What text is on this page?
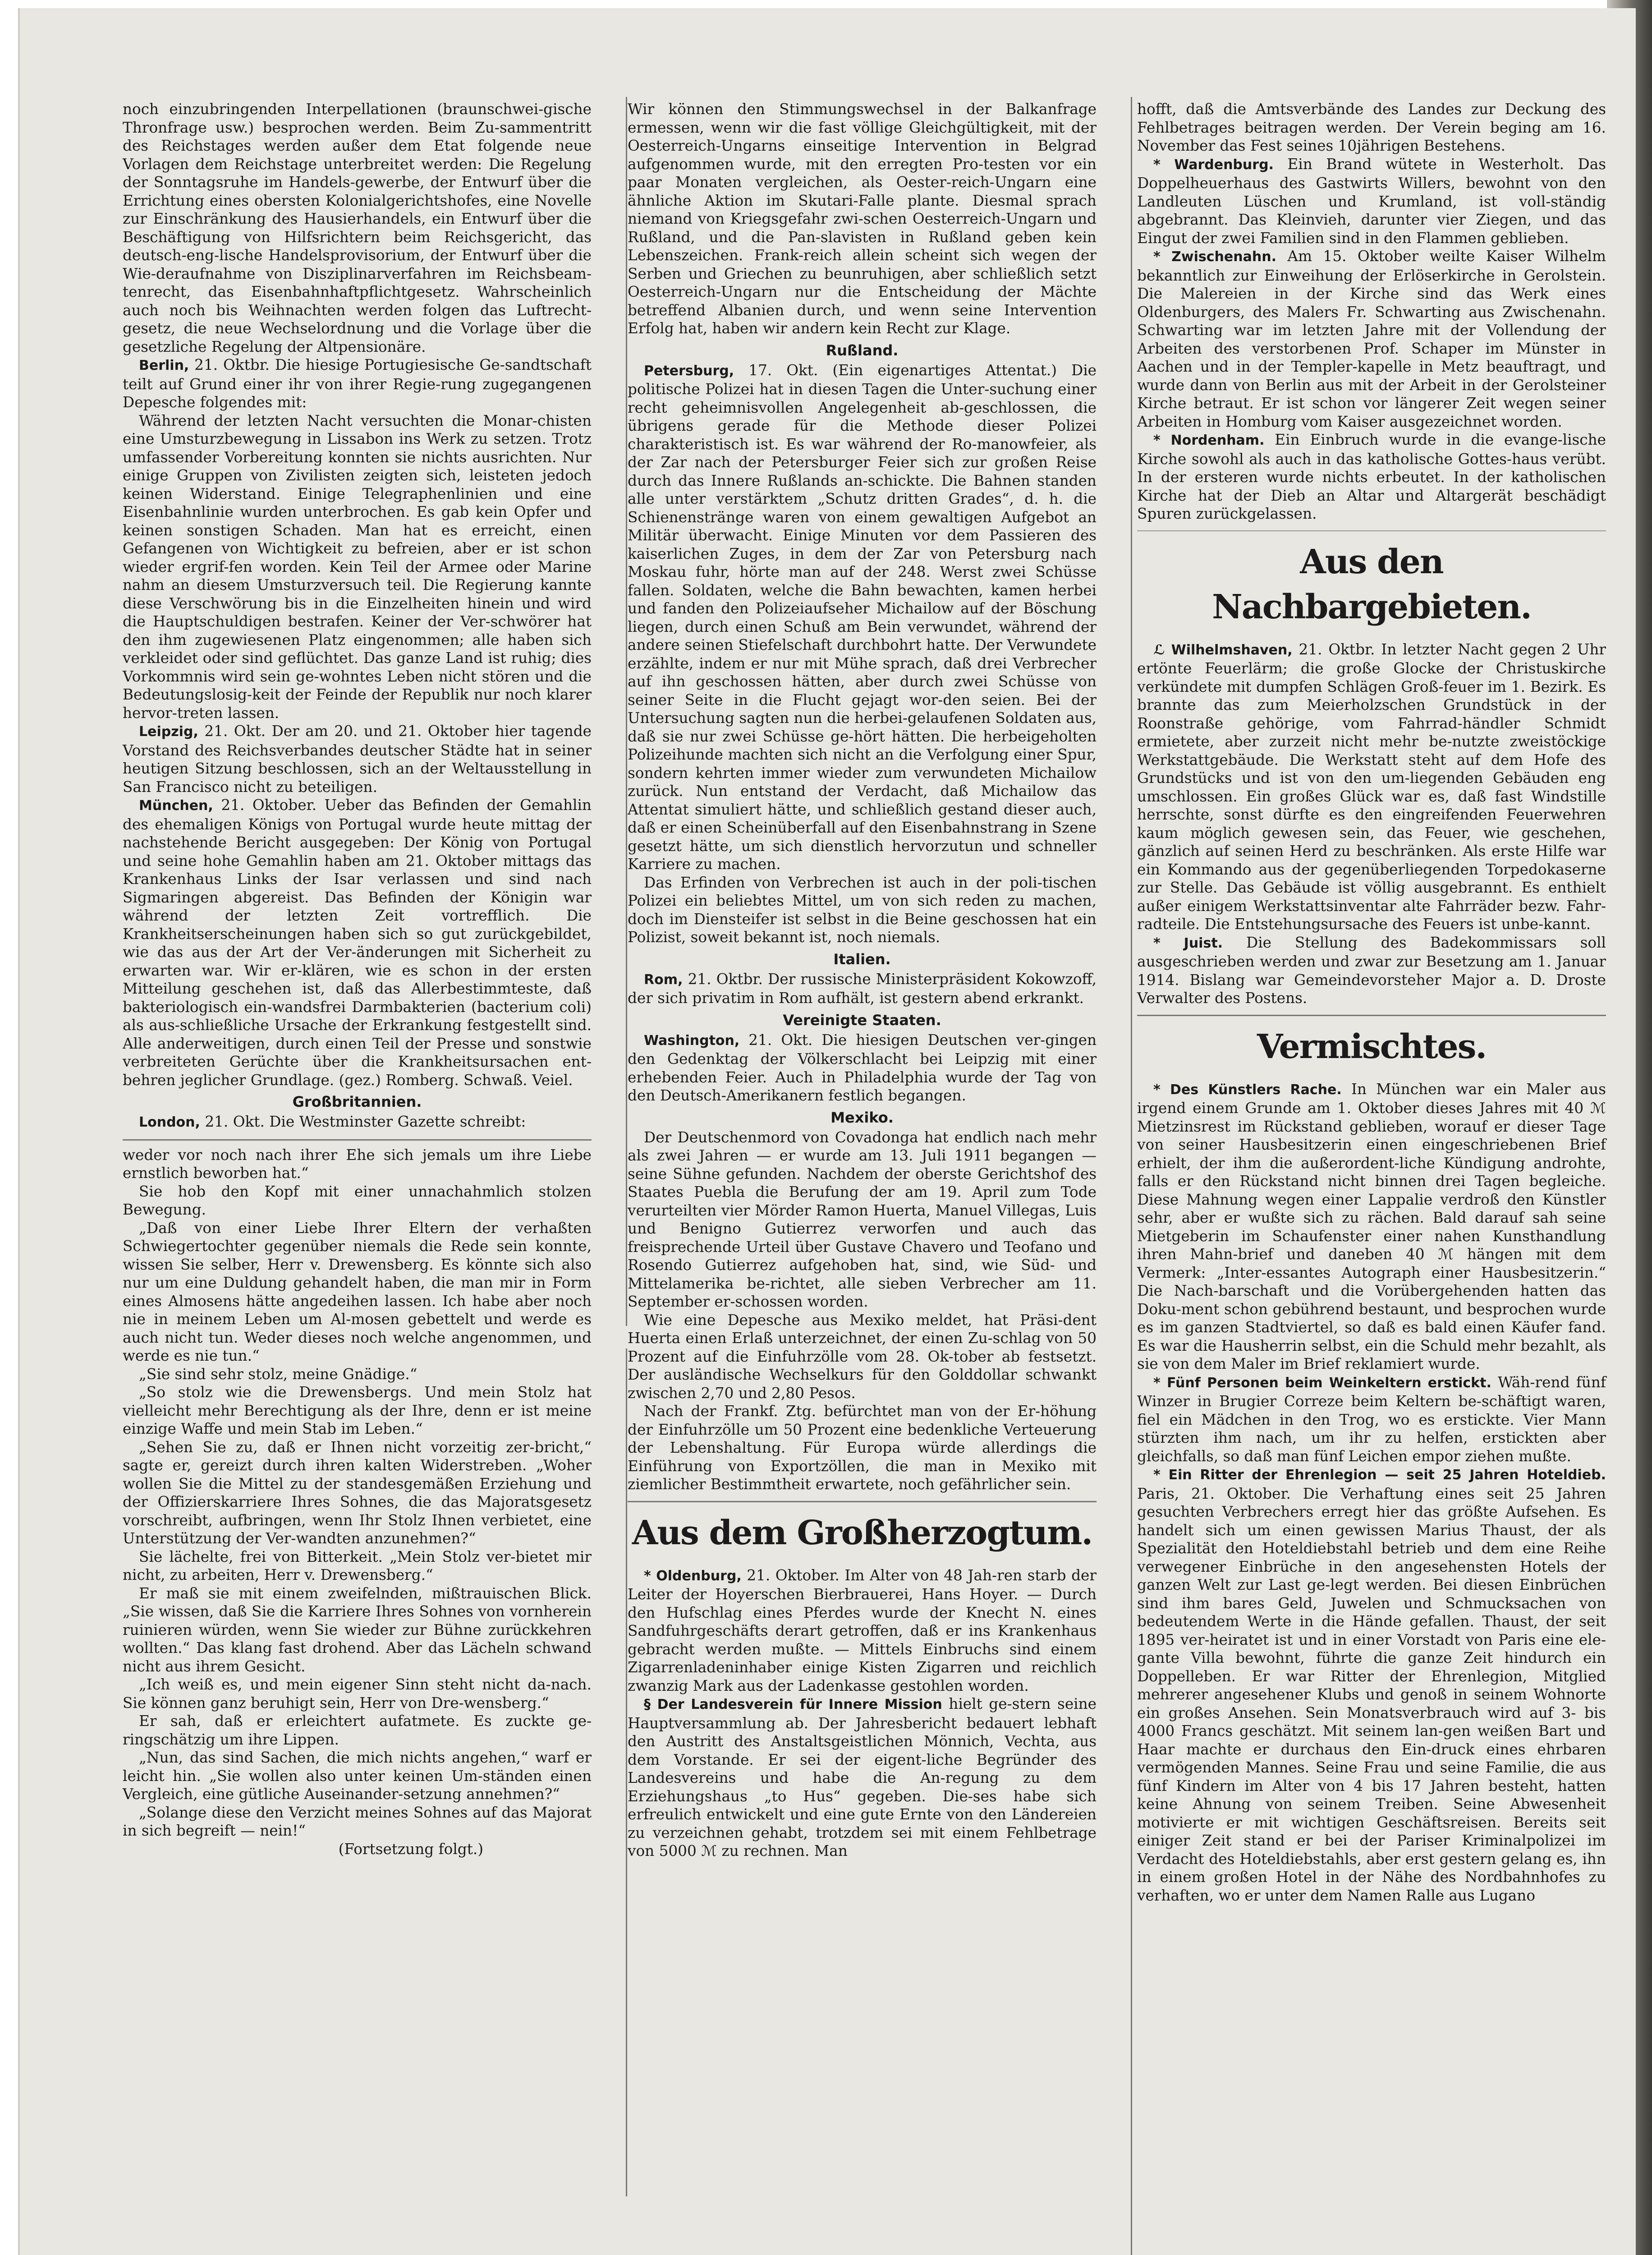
noch einzubringenden Interpellationen (braunschwei-gische Thronfrage usw.) besprochen werden. Beim Zu-sammentritt des Reichstages werden außer dem Etat folgende neue Vorlagen dem Reichstage unterbreitet werden: Die Regelung der Sonntagsruhe im Handels-gewerbe, der Entwurf über die Errichtung eines obersten Kolonialgerichtshofes, eine Novelle zur Einschränkung des Hausierhandels, ein Entwurf über die Beschäftigung von Hilfsrichtern beim Reichsgericht, das deutsch-eng-lische Handelsprovisorium, der Entwurf über die Wie-deraufnahme von Disziplinarverfahren im Reichsbeam-tenrecht, das Eisenbahnhaftpflichtgesetz. Wahrscheinlich auch noch bis Weihnachten werden folgen das Luftrecht-gesetz, die neue Wechselordnung und die Vorlage über die gesetzliche Regelung der Altpensionäre.

Berlin, 21. Oktbr. Die hiesige Portugiesische Ge-sandtschaft teilt auf Grund einer ihr von ihrer Regie-rung zugegangenen Depesche folgendes mit:

Während der letzten Nacht versuchten die Monar-chisten eine Umsturzbewegung in Lissabon ins Werk zu setzen. Trotz umfassender Vorbereitung konnten sie nichts ausrichten. Nur einige Gruppen von Zivilisten zeigten sich, leisteten jedoch keinen Widerstand. Einige Telegraphenlinien und eine Eisenbahnlinie wurden unterbrochen. Es gab kein Opfer und keinen sonstigen Schaden. Man hat es erreicht, einen Gefangenen von Wichtigkeit zu befreien, aber er ist schon wieder ergrif-fen worden. Kein Teil der Armee oder Marine nahm an diesem Umsturzversuch teil. Die Regierung kannte diese Verschwörung bis in die Einzelheiten hinein und wird die Hauptschuldigen bestrafen. Keiner der Ver-schwörer hat den ihm zugewiesenen Platz eingenommen; alle haben sich verkleidet oder sind geflüchtet. Das ganze Land ist ruhig; dies Vorkommnis wird sein ge-wohntes Leben nicht stören und die Bedeutungslosig-keit der Feinde der Republik nur noch klarer hervor-treten lassen.

Leipzig, 21. Okt. Der am 20. und 21. Oktober hier tagende Vorstand des Reichsverbandes deutscher Städte hat in seiner heutigen Sitzung beschlossen, sich an der Weltausstellung in San Francisco nicht zu beteiligen.

München, 21. Oktober. Ueber das Befinden der Gemahlin des ehemaligen Königs von Portugal wurde heute mittag der nachstehende Bericht ausgegeben: Der König von Portugal und seine hohe Gemahlin haben am 21. Oktober mittags das Krankenhaus Links der Isar verlassen und sind nach Sigmaringen abgereist. Das Befinden der Königin war während der letzten Zeit vortrefflich. Die Krankheitserscheinungen haben sich so gut zurückgebildet, wie das aus der Art der Ver-änderungen mit Sicherheit zu erwarten war. Wir er-klären, wie es schon in der ersten Mitteilung geschehen ist, daß das Allerbestimmteste, daß bakteriologisch ein-wandsfrei Darmbakterien (bacterium coli) als aus-schließliche Ursache der Erkrankung festgestellt sind. Alle anderweitigen, durch einen Teil der Presse und sonstwie verbreiteten Gerüchte über die Krankheitsursachen ent-behren jeglicher Grundlage. (gez.) Romberg. Schwaß. Veiel.

Großbritannien.

London, 21. Okt. Die Westminster Gazette schreibt:

weder vor noch nach ihrer Ehe sich jemals um ihre Liebe ernstlich beworben hat.“

Sie hob den Kopf mit einer unnachahmlich stolzen Bewegung.

„Daß von einer Liebe Ihrer Eltern der verhaßten Schwiegertochter gegenüber niemals die Rede sein konnte, wissen Sie selber, Herr v. Drewensberg. Es könnte sich also nur um eine Duldung gehandelt haben, die man mir in Form eines Almosens hätte angedeihen lassen. Ich habe aber noch nie in meinem Leben um Al-mosen gebettelt und werde es auch nicht tun. Weder dieses noch welche angenommen, und werde es nie tun.“

„Sie sind sehr stolz, meine Gnädige.“

„So stolz wie die Drewensbergs. Und mein Stolz hat vielleicht mehr Berechtigung als der Ihre, denn er ist meine einzige Waffe und mein Stab im Leben.“

„Sehen Sie zu, daß er Ihnen nicht vorzeitig zer-bricht,“ sagte er, gereizt durch ihren kalten Widerstreben. „Woher wollen Sie die Mittel zu der standesgemäßen Erziehung und der Offizierskarriere Ihres Sohnes, die das Majoratsgesetz vorschreibt, aufbringen, wenn Ihr Stolz Ihnen verbietet, eine Unterstützung der Ver-wandten anzunehmen?“

Sie lächelte, frei von Bitterkeit. „Mein Stolz ver-bietet mir nicht, zu arbeiten, Herr v. Drewensberg.“

Er maß sie mit einem zweifelnden, mißtrauischen Blick. „Sie wissen, daß Sie die Karriere Ihres Sohnes von vornherein ruinieren würden, wenn Sie wieder zur Bühne zurückkehren wollten.“ Das klang fast drohend. Aber das Lächeln schwand nicht aus ihrem Gesicht.

„Ich weiß es, und mein eigener Sinn steht nicht da-nach. Sie können ganz beruhigt sein, Herr von Dre-wensberg.“

Er sah, daß er erleichtert aufatmete. Es zuckte ge-ringschätzig um ihre Lippen.

„Nun, das sind Sachen, die mich nichts angehen,“ warf er leicht hin. „Sie wollen also unter keinen Um-ständen einen Vergleich, eine gütliche Auseinander-setzung annehmen?“

„Solange diese den Verzicht meines Sohnes auf das Majorat in sich begreift — nein!“

(Fortsetzung folgt.)

Wir können den Stimmungswechsel in der Balkanfrage ermessen, wenn wir die fast völlige Gleichgültigkeit, mit der Oesterreich-Ungarns einseitige Intervention in Belgrad aufgenommen wurde, mit den erregten Pro-testen vor ein paar Monaten vergleichen, als Oester-reich-Ungarn eine ähnliche Aktion im Skutari-Falle plante. Diesmal sprach niemand von Kriegsgefahr zwi-schen Oesterreich-Ungarn und Rußland, und die Pan-slavisten in Rußland geben kein Lebenszeichen. Frank-reich allein scheint sich wegen der Serben und Griechen zu beunruhigen, aber schließlich setzt Oesterreich-Ungarn nur die Entscheidung der Mächte betreffend Albanien durch, und wenn seine Intervention Erfolg hat, haben wir andern kein Recht zur Klage.

Rußland.

Petersburg, 17. Okt. (Ein eigenartiges Attentat.) Die politische Polizei hat in diesen Tagen die Unter-suchung einer recht geheimnisvollen Angelegenheit ab-geschlossen, die übrigens gerade für die Methode dieser Polizei charakteristisch ist. Es war während der Ro-manowfeier, als der Zar nach der Petersburger Feier sich zur großen Reise durch das Innere Rußlands an-schickte. Die Bahnen standen alle unter verstärktem „Schutz dritten Grades“, d. h. die Schienenstränge waren von einem gewaltigen Aufgebot an Militär überwacht. Einige Minuten vor dem Passieren des kaiserlichen Zuges, in dem der Zar von Petersburg nach Moskau fuhr, hörte man auf der 248. Werst zwei Schüsse fallen. Soldaten, welche die Bahn bewachten, kamen herbei und fanden den Polizeiaufseher Michailow auf der Böschung liegen, durch einen Schuß am Bein verwundet, während der andere seinen Stiefelschaft durchbohrt hatte. Der Verwundete erzählte, indem er nur mit Mühe sprach, daß drei Verbrecher auf ihn geschossen hätten, aber durch zwei Schüsse von seiner Seite in die Flucht gejagt wor-den seien. Bei der Untersuchung sagten nun die herbei-gelaufenen Soldaten aus, daß sie nur zwei Schüsse ge-hört hätten. Die herbeigeholten Polizeihunde machten sich nicht an die Verfolgung einer Spur, sondern kehrten immer wieder zum verwundeten Michailow zurück. Nun entstand der Verdacht, daß Michailow das Attentat simuliert hätte, und schließlich gestand dieser auch, daß er einen Scheinüberfall auf den Eisenbahnstrang in Szene gesetzt hätte, um sich dienstlich hervorzutun und schneller Karriere zu machen.

Das Erfinden von Verbrechen ist auch in der poli-tischen Polizei ein beliebtes Mittel, um von sich reden zu machen, doch im Diensteifer ist selbst in die Beine geschossen hat ein Polizist, soweit bekannt ist, noch niemals.

Italien.

Rom, 21. Oktbr. Der russische Ministerpräsident Kokowzoff, der sich privatim in Rom aufhält, ist gestern abend erkrankt.

Vereinigte Staaten.

Washington, 21. Okt. Die hiesigen Deutschen ver-gingen den Gedenktag der Völkerschlacht bei Leipzig mit einer erhebenden Feier. Auch in Philadelphia wurde der Tag von den Deutsch-Amerikanern festlich begangen.

Mexiko.

Der Deutschenmord von Covadonga hat endlich nach mehr als zwei Jahren — er wurde am 13. Juli 1911 begangen — seine Sühne gefunden. Nachdem der oberste Gerichtshof des Staates Puebla die Berufung der am 19. April zum Tode verurteilten vier Mörder Ramon Huerta, Manuel Villegas, Luis und Benigno Gutierrez verworfen und auch das freisprechende Urteil über Gustave Chavero und Teofano und Rosendo Gutierrez aufgehoben hat, sind, wie Süd- und Mittelamerika be-richtet, alle sieben Verbrecher am 11. September er-schossen worden.

Wie eine Depesche aus Mexiko meldet, hat Präsi-dent Huerta einen Erlaß unterzeichnet, der einen Zu-schlag von 50 Prozent auf die Einfuhrzölle vom 28. Ok-tober ab festsetzt. Der ausländische Wechselkurs für den Golddollar schwankt zwischen 2,70 und 2,80 Pesos.

Nach der Frankf. Ztg. befürchtet man von der Er-höhung der Einfuhrzölle um 50 Prozent eine bedenkliche Verteuerung der Lebenshaltung. Für Europa würde allerdings die Einführung von Exportzöllen, die man in Mexiko mit ziemlicher Bestimmtheit erwartete, noch gefährlicher sein.

Aus dem Großherzogtum.

* Oldenburg, 21. Oktober. Im Alter von 48 Jah-ren starb der Leiter der Hoyerschen Bierbrauerei, Hans Hoyer. — Durch den Hufschlag eines Pferdes wurde der Knecht N. eines Sandfuhrgeschäfts derart getroffen, daß er ins Krankenhaus gebracht werden mußte. — Mittels Einbruchs sind einem Zigarrenladeninhaber einige Kisten Zigarren und reichlich zwanzig Mark aus der Ladenkasse gestohlen worden.

§ Der Landesverein für Innere Mission hielt ge-stern seine Hauptversammlung ab. Der Jahresbericht bedauert lebhaft den Austritt des Anstaltsgeistlichen Mönnich, Vechta, aus dem Vorstande. Er sei der eigent-liche Begründer des Landesvereins und habe die An-regung zu dem Erziehungshaus „to Hus“ gegeben. Die-ses habe sich erfreulich entwickelt und eine gute Ernte von den Ländereien zu verzeichnen gehabt, trotzdem sei mit einem Fehlbetrage von 5000 ℳ zu rechnen. Man

hofft, daß die Amtsverbände des Landes zur Deckung des Fehlbetrages beitragen werden. Der Verein beging am 16. November das Fest seines 10jährigen Bestehens.

* Wardenburg. Ein Brand wütete in Westerholt. Das Doppelheuerhaus des Gastwirts Willers, bewohnt von den Landleuten Lüschen und Krumland, ist voll-ständig abgebrannt. Das Kleinvieh, darunter vier Ziegen, und das Eingut der zwei Familien sind in den Flammen geblieben.

* Zwischenahn. Am 15. Oktober weilte Kaiser Wilhelm bekanntlich zur Einweihung der Erlöserkirche in Gerolstein. Die Malereien in der Kirche sind das Werk eines Oldenburgers, des Malers Fr. Schwarting aus Zwischenahn. Schwarting war im letzten Jahre mit der Vollendung der Arbeiten des verstorbenen Prof. Schaper im Münster in Aachen und in der Templer-kapelle in Metz beauftragt, und wurde dann von Berlin aus mit der Arbeit in der Gerolsteiner Kirche betraut. Er ist schon vor längerer Zeit wegen seiner Arbeiten in Homburg vom Kaiser ausgezeichnet worden.

* Nordenham. Ein Einbruch wurde in die evange-lische Kirche sowohl als auch in das katholische Gottes-haus verübt. In der ersteren wurde nichts erbeutet. In der katholischen Kirche hat der Dieb an Altar und Altargerät beschädigt Spuren zurückgelassen.

Aus den Nachbargebieten.

ℒ Wilhelmshaven, 21. Oktbr. In letzter Nacht gegen 2 Uhr ertönte Feuerlärm; die große Glocke der Christuskirche verkündete mit dumpfen Schlägen Groß-feuer im 1. Bezirk. Es brannte das zum Meierholzschen Grundstück in der Roonstraße gehörige, vom Fahrrad-händler Schmidt ermietete, aber zurzeit nicht mehr be-nutzte zweistöckige Werkstattgebäude. Die Werkstatt steht auf dem Hofe des Grundstücks und ist von den um-liegenden Gebäuden eng umschlossen. Ein großes Glück war es, daß fast Windstille herrschte, sonst dürfte es den eingreifenden Feuerwehren kaum möglich gewesen sein, das Feuer, wie geschehen, gänzlich auf seinen Herd zu beschränken. Als erste Hilfe war ein Kommando aus der gegenüberliegenden Torpedokaserne zur Stelle. Das Gebäude ist völlig ausgebrannt. Es enthielt außer einigem Werkstattsinventar alte Fahrräder bezw. Fahr-radteile. Die Entstehungsursache des Feuers ist unbe-kannt.

* Juist. Die Stellung des Badekommissars soll ausgeschrieben werden und zwar zur Besetzung am 1. Januar 1914. Bislang war Gemeindevorsteher Major a. D. Droste Verwalter des Postens.

Vermischtes.

* Des Künstlers Rache. In München war ein Maler aus irgend einem Grunde am 1. Oktober dieses Jahres mit 40 ℳ Mietzinsrest im Rückstand geblieben, worauf er dieser Tage von seiner Hausbesitzerin einen eingeschriebenen Brief erhielt, der ihm die außerordent-liche Kündigung androhte, falls er den Rückstand nicht binnen drei Tagen begleiche. Diese Mahnung wegen einer Lappalie verdroß den Künstler sehr, aber er wußte sich zu rächen. Bald darauf sah seine Mietgeberin im Schaufenster einer nahen Kunsthandlung ihren Mahn-brief und daneben 40 ℳ hängen mit dem Vermerk: „Inter-essantes Autograph einer Hausbesitzerin.“ Die Nach-barschaft und die Vorübergehenden hatten das Doku-ment schon gebührend bestaunt, und besprochen wurde es im ganzen Stadtviertel, so daß es bald einen Käufer fand. Es war die Hausherrin selbst, ein die Schuld mehr bezahlt, als sie von dem Maler im Brief reklamiert wurde.

* Fünf Personen beim Weinkeltern erstickt. Wäh-rend fünf Winzer in Brugier Correze beim Keltern be-schäftigt waren, fiel ein Mädchen in den Trog, wo es erstickte. Vier Mann stürzten ihm nach, um ihr zu helfen, erstickten aber gleichfalls, so daß man fünf Leichen empor ziehen mußte.

* Ein Ritter der Ehrenlegion — seit 25 Jahren Hoteldieb. Paris, 21. Oktober. Die Verhaftung eines seit 25 Jahren gesuchten Verbrechers erregt hier das größte Aufsehen. Es handelt sich um einen gewissen Marius Thaust, der als Spezialität den Hoteldiebstahl betrieb und dem eine Reihe verwegener Einbrüche in den angesehensten Hotels der ganzen Welt zur Last ge-legt werden. Bei diesen Einbrüchen sind ihm bares Geld, Juwelen und Schmucksachen von bedeutendem Werte in die Hände gefallen. Thaust, der seit 1895 ver-heiratet ist und in einer Vorstadt von Paris eine ele-gante Villa bewohnt, führte die ganze Zeit hindurch ein Doppelleben. Er war Ritter der Ehrenlegion, Mitglied mehrerer angesehener Klubs und genoß in seinem Wohnorte ein großes Ansehen. Sein Monatsverbrauch wird auf 3- bis 4000 Francs geschätzt. Mit seinem lan-gen weißen Bart und Haar machte er durchaus den Ein-druck eines ehrbaren vermögenden Mannes. Seine Frau und seine Familie, die aus fünf Kindern im Alter von 4 bis 17 Jahren besteht, hatten keine Ahnung von seinem Treiben. Seine Abwesenheit motivierte er mit wichtigen Geschäftsreisen. Bereits seit einiger Zeit stand er bei der Pariser Kriminalpolizei im Verdacht des Hoteldiebstahls, aber erst gestern gelang es, ihn in einem großen Hotel in der Nähe des Nordbahnhofes zu verhaften, wo er unter dem Namen Ralle aus Lugano
